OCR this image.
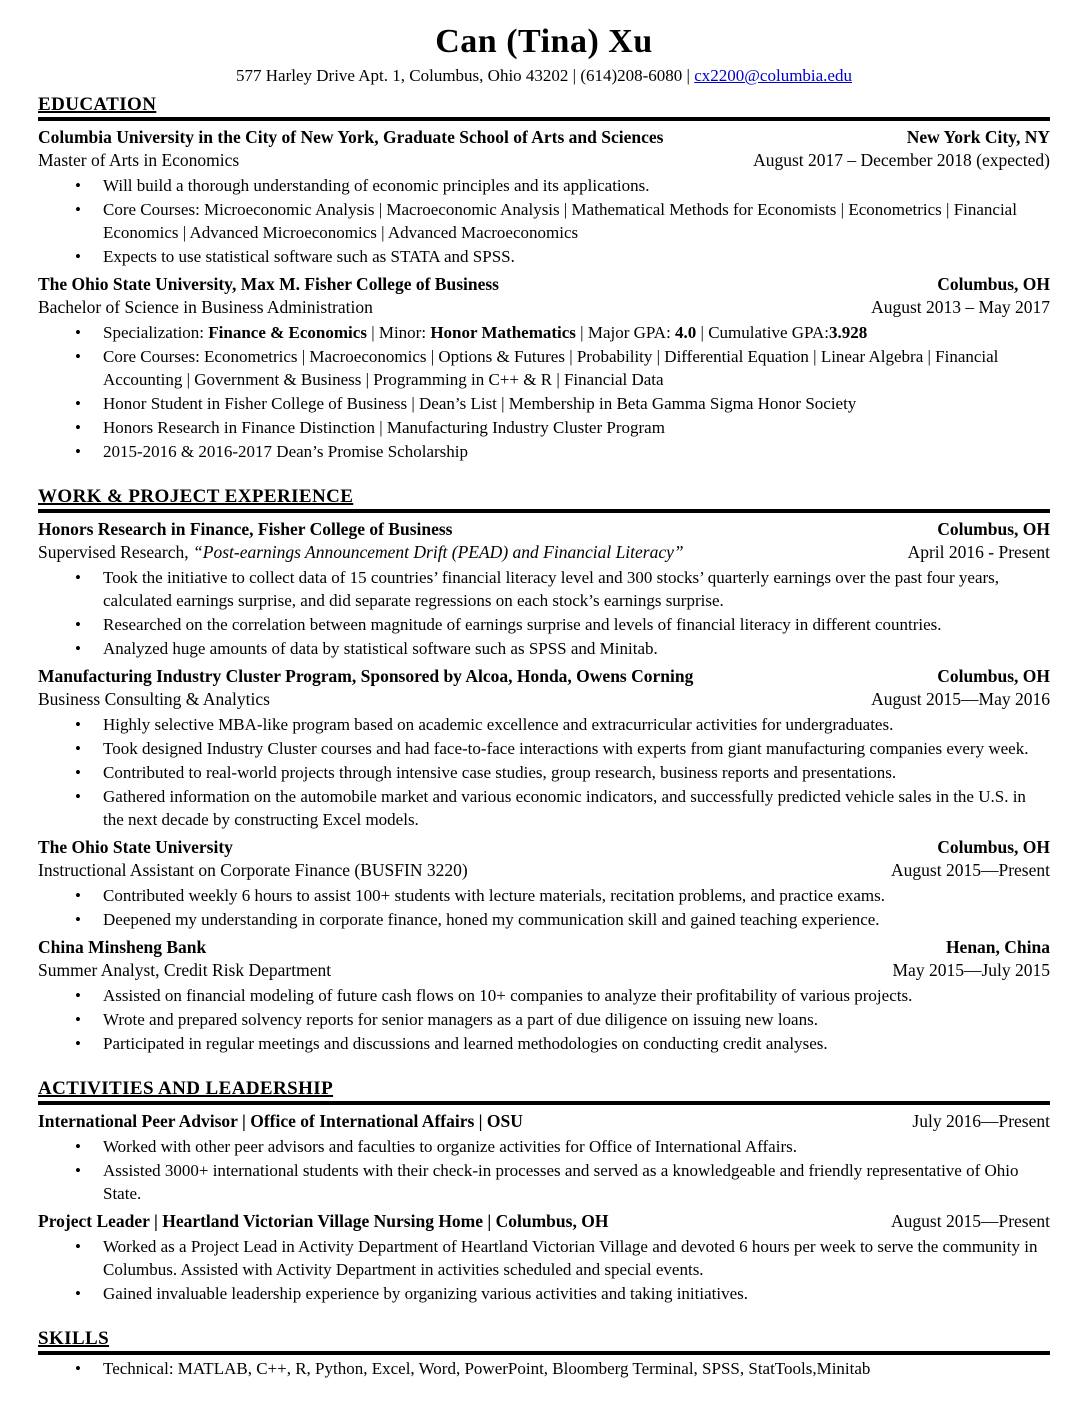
Can (Tina) Xu

577 Harley Drive Apt. 1, Columbus, Ohio 43202 | (614)208-6080 | cx2200@columbia.edu

EDUCATION
Columbia University in the City of New York, Graduate School of Arts and Sciences	New York City, NY
Master of Arts in Economics	August 2017 – December 2018 (expected)
•	Will build a thorough understanding of economic principles and its applications.
•	Core Courses: Microeconomic Analysis | Macroeconomic Analysis | Mathematical Methods for Economists | Econometrics | Financial Economics | Advanced Microeconomics | Advanced Macroeconomics
•	Expects to use statistical software such as STATA and SPSS.
The Ohio State University, Max M. Fisher College of Business	Columbus, OH
Bachelor of Science in Business Administration	August 2013 – May 2017
•	Specialization: Finance & Economics | Minor: Honor Mathematics | Major GPA: 4.0 | Cumulative GPA:3.928
•	Core Courses: Econometrics | Macroeconomics | Options & Futures | Probability | Differential Equation | Linear Algebra | Financial Accounting | Government & Business | Programming in C++ & R | Financial Data
•	Honor Student in Fisher College of Business | Dean’s List | Membership in Beta Gamma Sigma Honor Society
•	Honors Research in Finance Distinction | Manufacturing Industry Cluster Program
•	2015-2016 & 2016-2017 Dean’s Promise Scholarship
WORK & PROJECT EXPERIENCE
Honors Research in Finance, Fisher College of Business	Columbus, OH
Supervised Research, “Post-earnings Announcement Drift (PEAD) and Financial Literacy”	April 2016 - Present
•	Took the initiative to collect data of 15 countries’ financial literacy level and 300 stocks’ quarterly earnings over the past four years, calculated earnings surprise, and did separate regressions on each stock’s earnings surprise.
•	Researched on the correlation between magnitude of earnings surprise and levels of financial literacy in different countries.
•	Analyzed huge amounts of data by statistical software such as SPSS and Minitab.
Manufacturing Industry Cluster Program, Sponsored by Alcoa, Honda, Owens Corning	Columbus, OH
Business Consulting & Analytics	August 2015—May 2016
•	Highly selective MBA-like program based on academic excellence and extracurricular activities for undergraduates.
•	Took designed Industry Cluster courses and had face-to-face interactions with experts from giant manufacturing companies every week.
•	Contributed to real-world projects through intensive case studies, group research, business reports and presentations.
•	Gathered information on the automobile market and various economic indicators, and successfully predicted vehicle sales in the U.S. in the next decade by constructing Excel models.
The Ohio State University	Columbus, OH
Instructional Assistant on Corporate Finance (BUSFIN 3220)	August 2015—Present
•	Contributed weekly 6 hours to assist 100+ students with lecture materials, recitation problems, and practice exams.
•	Deepened my understanding in corporate finance, honed my communication skill and gained teaching experience.
China Minsheng Bank	Henan, China
Summer Analyst, Credit Risk Department	May 2015—July 2015
•	Assisted on financial modeling of future cash flows on 10+ companies to analyze their profitability of various projects.
•	Wrote and prepared solvency reports for senior managers as a part of due diligence on issuing new loans.
•	Participated in regular meetings and discussions and learned methodologies on conducting credit analyses.
ACTIVITIES AND LEADERSHIP
International Peer Advisor | Office of International Affairs | OSU	July 2016—Present
•	Worked with other peer advisors and faculties to organize activities for Office of International Affairs.
•	Assisted 3000+ international students with their check-in processes and served as a knowledgeable and friendly representative of Ohio State.
Project Leader | Heartland Victorian Village Nursing Home | Columbus, OH	August 2015—Present
•	Worked as a Project Lead in Activity Department of Heartland Victorian Village and devoted 6 hours per week to serve the community in Columbus. Assisted with Activity Department in activities scheduled and special events.
•	Gained invaluable leadership experience by organizing various activities and taking initiatives.
SKILLS
•	Technical: MATLAB, C++, R, Python, Excel, Word, PowerPoint, Bloomberg Terminal, SPSS, StatTools,Minitab
